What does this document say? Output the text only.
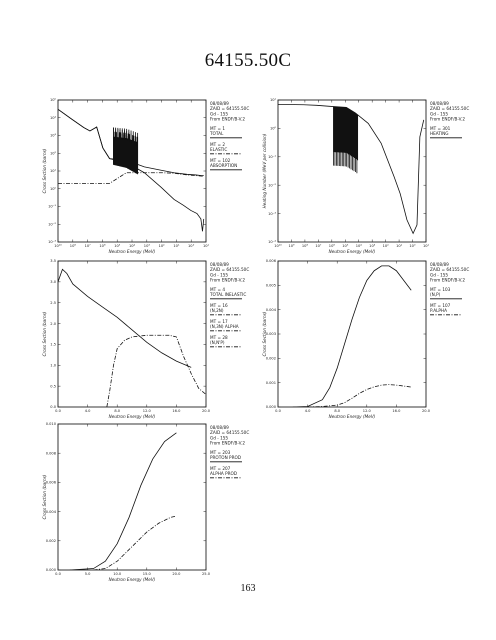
64155.50C
10¹⁰ 10⁸ 10⁷ 10⁶ 10⁵ 10⁴ 10³ 10² 10¹ 10° 10¹
10⁻³
10⁻²
10⁻¹
10⁰
10¹
10²
10³
10⁴
10⁵
Neutron Energy (MeV)
Cross Section (barns)
08/08/89
ZAID = 64155.50C
Gd - 155
From ENDF/B-V.2
MT = 1
TOTAL
MT = 2
ELASTIC
MT = 102
ABSORPTION
10¹⁰ 10⁹ 10⁸ 10⁷ 10⁶ 10⁵ 10⁴ 10³ 10² 10¹ 10° 10¹
10⁻⁴
10⁻³
10⁻²
10⁻¹
10⁰
10¹
Neutron Energy (MeV)
Heating Number (MeV per collision)
08/08/89
ZAID = 64155.50C
Gd - 155
From ENDF/B-V.2
MT = 301
HEATING
0.0	4.0	8.0	12.0	16.0	20.0
0.0
0.5
1.0
1.5
2.0
2.5
3.0
3.5
Neutron Energy (MeV)
Cross Section (barns)
08/08/89
ZAID = 64155.50C
Gd - 155
From ENDF/B-V.2
MT = 4
TOTAL INELASTIC
MT = 16
(N,2N)
MT = 17
(N,3N) ALPHA
MT = 28
(N,N'P)
0.0	4.0	8.0	12.0	16.0	20.0
0.000
0.001
0.002
0.003
0.004
0.005
0.006
Neutron Energy (MeV)
Cross Section (barns)
08/08/89
ZAID = 64155.50C
Gd - 155
From ENDF/B-V.2
MT = 103
(N,P)
MT = 107
P.ALPHA
0.0	5.0	10.0	15.0	20.0	25.0
0.000
0.002
0.004
0.006
0.008
0.010
Neutron Energy (MeV)
Cross Section (barns)
08/08/89
ZAID = 64155.50C
Gd - 155
From ENDF/B-V.2
MT = 203
PROTON PROD
MT = 207
ALPHA PROD
163
